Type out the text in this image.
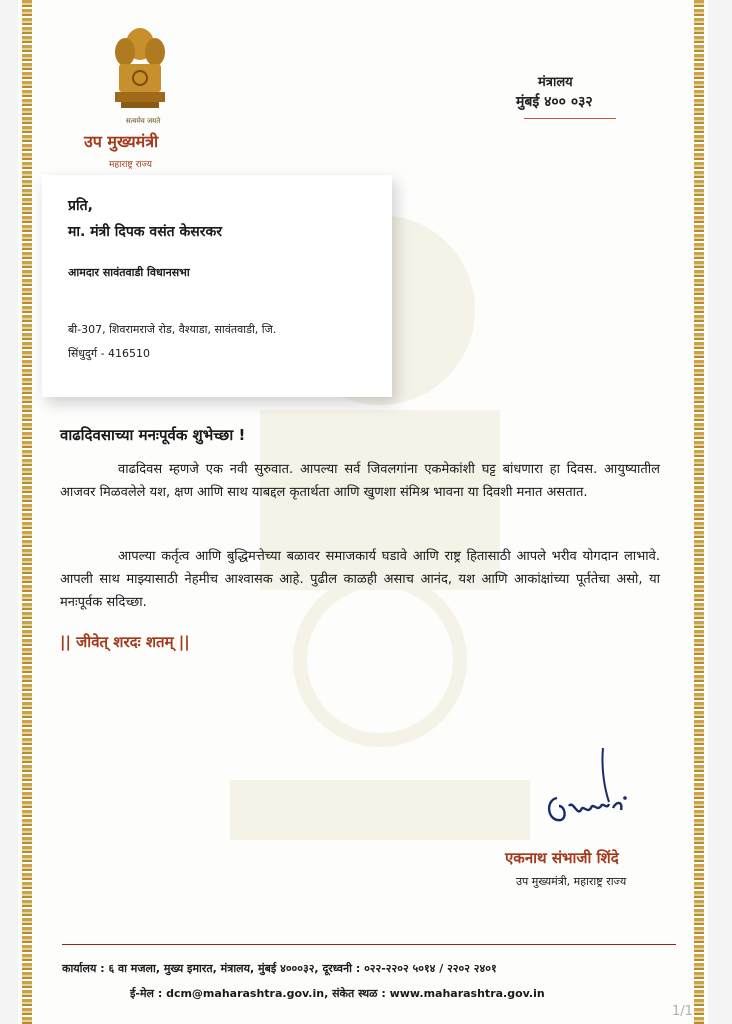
सत्यमेव जयते
उप मुख्यमंत्री
महाराष्ट्र राज्य
मंत्रालय
मुंबई ४०० ०३२
प्रति,
मा. मंत्री दिपक वसंत केसरकर
आमदार सावंतवाडी विधानसभा
बी-307, शिवरामराजे रोड, वैश्याडा, सावंतवाडी, जि.
सिंधुदुर्ग - 416510
वाढदिवसाच्या मनःपूर्वक शुभेच्छा !
वाढदिवस म्हणजे एक नवी सुरुवात. आपल्या सर्व जिवलगांना एकमेकांशी घट्ट बांधणारा हा दिवस. आयुष्यातील आजवर मिळवलेले यश, क्षण आणि साथ याबद्दल कृतार्थता आणि खुणशा संमिश्र भावना या दिवशी मनात असतात.
आपल्या कर्तृत्व आणि बुद्धिमत्तेच्या बळावर समाजकार्य घडावे आणि राष्ट्र हितासाठी आपले भरीव योगदान लाभावे. आपली साथ माझ्यासाठी नेहमीच आश्वासक आहे. पुढील काळही असाच आनंद, यश आणि आकांक्षांच्या पूर्ततेचा असो, या मनःपूर्वक सदिच्छा.
|| जीवेत् शरदः शतम् ||
एकनाथ संभाजी शिंदे
उप मुख्यमंत्री, महाराष्ट्र राज्य
कार्यालय : ६ वा मजला, मुख्य इमारत, मंत्रालय, मुंबई ४०००३२, दूरध्वनी : ०२२-२२०२ ५०१४ / २२०२ २४०१
ई-मेल : dcm@maharashtra.gov.in, संकेत स्थळ : www.maharashtra.gov.in
1/1
